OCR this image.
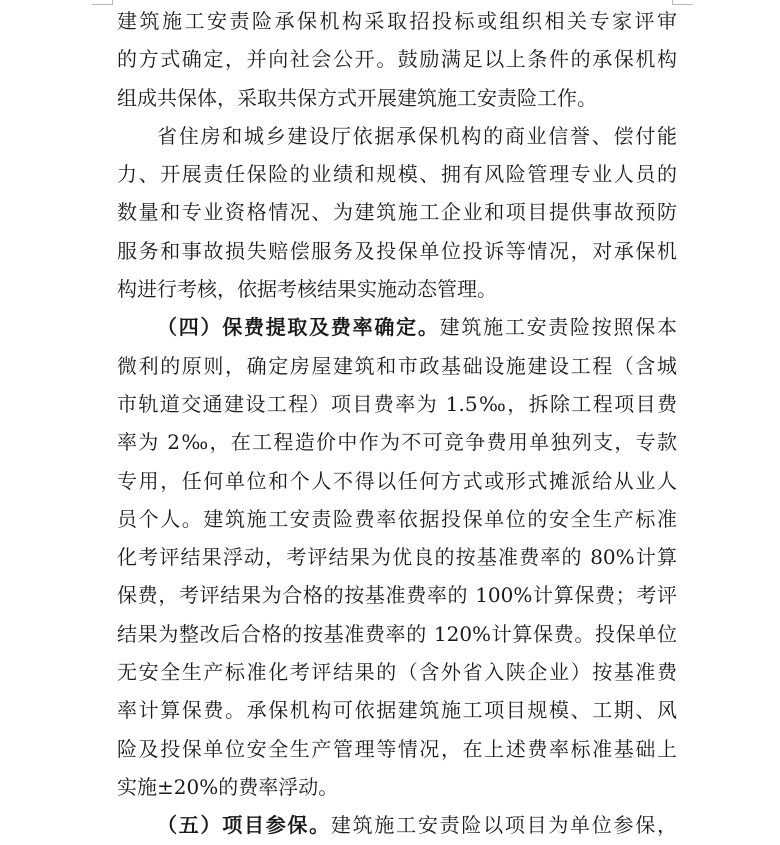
建筑施工安责险承保机构采取招投标或组织相关专家评审
的方式确定，并向社会公开。鼓励满足以上条件的承保机构
组成共保体，采取共保方式开展建筑施工安责险工作。
省住房和城乡建设厅依据承保机构的商业信誉、偿付能
力、开展责任保险的业绩和规模、拥有风险管理专业人员的
数量和专业资格情况、为建筑施工企业和项目提供事故预防
服务和事故损失赔偿服务及投保单位投诉等情况，对承保机
构进行考核，依据考核结果实施动态管理。
（四）保费提取及费率确定。建筑施工安责险按照保本
微利的原则，确定房屋建筑和市政基础设施建设工程（含城
市轨道交通建设工程）项目费率为 1.5‰，拆除工程项目费
率为 2‰，在工程造价中作为不可竞争费用单独列支，专款
专用，任何单位和个人不得以任何方式或形式摊派给从业人
员个人。建筑施工安责险费率依据投保单位的安全生产标准
化考评结果浮动，考评结果为优良的按基准费率的 80%计算
保费，考评结果为合格的按基准费率的 100%计算保费；考评
结果为整改后合格的按基准费率的 120%计算保费。投保单位
无安全生产标准化考评结果的（含外省入陕企业）按基准费
率计算保费。承保机构可依据建筑施工项目规模、工期、风
险及投保单位安全生产管理等情况，在上述费率标准基础上
实施±20%的费率浮动。
（五）项目参保。建筑施工安责险以项目为单位参保，
